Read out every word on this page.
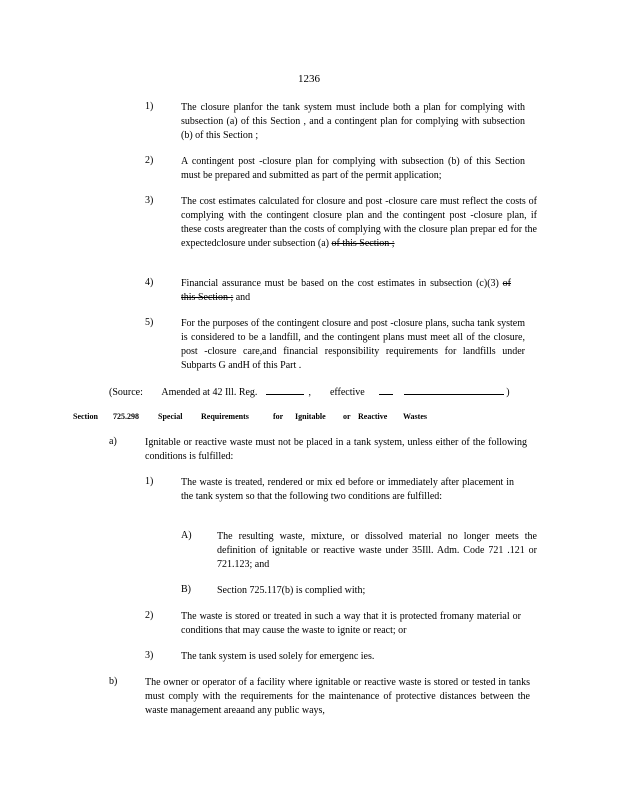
1236
1)	The closure planfor the tank system must include both a plan for complying with subsection (a) of this Section , and a contingent plan for complying with subsection (b) of this Section ;
2)	A contingent post -closure plan for complying with subsection (b) of this Section must be prepared and submitted as part of the permit application;
3)	The cost estimates calculated for closure and post -closure care must reflect the costs of complying with the contingent closure plan and the contingent post -closure plan, if these costs aregreater than the costs of complying with the closure plan prepar ed for the expectedclosure under subsection (a) of this Section ;
4)	Financial assurance must be based on the cost estimates in subsection (c)(3) of this Section ; and
5)	For the purposes of the contingent closure and post -closure plans, sucha tank system is considered to be a landfill, and the contingent plans must meet all of the closure, post -closure care,and financial responsibility requirements for landfills under Subparts G andH of this Part .
(Source: Amended at 42 Ill. Reg.	, effective	)
Section 725.298 Special Requirements	for Ignitable or Reactive Wastes
a)	Ignitable or reactive waste must not be placed in a tank system, unless either of the following conditions is fulfilled:
1)	The waste is treated, rendered or mix ed before or immediately after placement in the tank system so that the following two conditions are fulfilled:
A)	The resulting waste, mixture, or dissolved material no longer meets the definition of ignitable or reactive waste under 35Ill. Adm. Code 721 .121 or 721.123; and
B)	Section 725.117(b) is complied with;
2)	The waste is stored or treated in such a way that it is protected fromany material or conditions that may cause the waste to ignite or react; or
3)	The tank system is used solely for emergenc ies.
b)	The owner or operator of a facility where ignitable or reactive waste is stored or tested in tanks must comply with the requirements for the maintenance of protective distances between the waste management areaand any public ways,
